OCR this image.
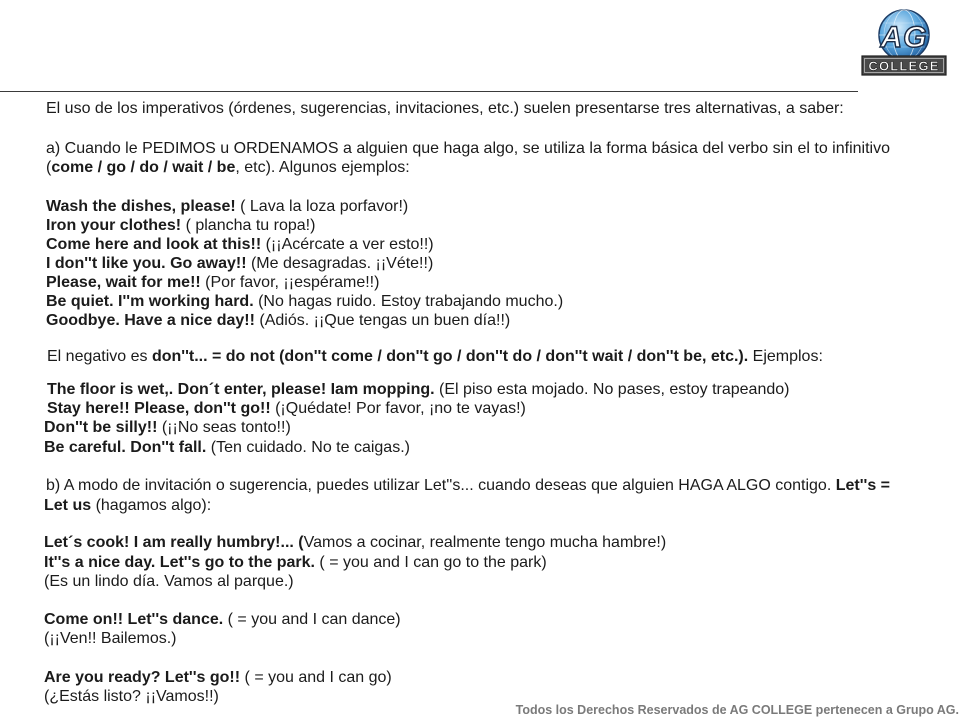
AG
COLLEGE
El uso de los imperativos (órdenes, sugerencias, invitaciones, etc.) suelen presentarse tres alternativas, a saber:
a) Cuando le PEDIMOS u ORDENAMOS a alguien que haga algo, se utiliza la forma básica del verbo sin el to infinitivo
(come / go / do / wait / be, etc). Algunos ejemplos:
Wash the dishes, please! ( Lava la loza porfavor!)
Iron your clothes! ( plancha tu ropa!)
Come here and look at this!! (¡¡Acércate a ver esto!!)
I don''t like you. Go away!! (Me desagradas. ¡¡Véte!!)
Please, wait for me!! (Por favor, ¡¡espérame!!)
Be quiet. I''m working hard. (No hagas ruido. Estoy trabajando mucho.)
Goodbye. Have a nice day!! (Adiós. ¡¡Que tengas un buen día!!)
El negativo es don''t... = do not (don''t come / don''t go / don''t do / don''t wait / don''t be, etc.). Ejemplos:
The floor is wet,. Don´t enter, please! Iam mopping. (El piso esta mojado. No pases, estoy trapeando)
Stay here!! Please, don''t go!! (¡Quédate! Por favor, ¡no te vayas!)
Don''t be silly!! (¡¡No seas tonto!!)
Be careful. Don''t fall. (Ten cuidado. No te caigas.)
b) A modo de invitación o sugerencia, puedes utilizar Let''s... cuando deseas que alguien HAGA ALGO contigo. Let''s =
Let us (hagamos algo):
Let´s cook! I am really humbry!... (Vamos a cocinar, realmente tengo mucha hambre!)
It''s a nice day. Let''s go to the park. ( = you and I can go to the park)
(Es un lindo día. Vamos al parque.)
Come on!! Let''s dance. ( = you and I can dance)
(¡¡Ven!! Bailemos.)
Are you ready? Let''s go!! ( = you and I can go)
(¿Estás listo? ¡¡Vamos!!)
Todos los Derechos Reservados de AG COLLEGE pertenecen a Grupo AG.
